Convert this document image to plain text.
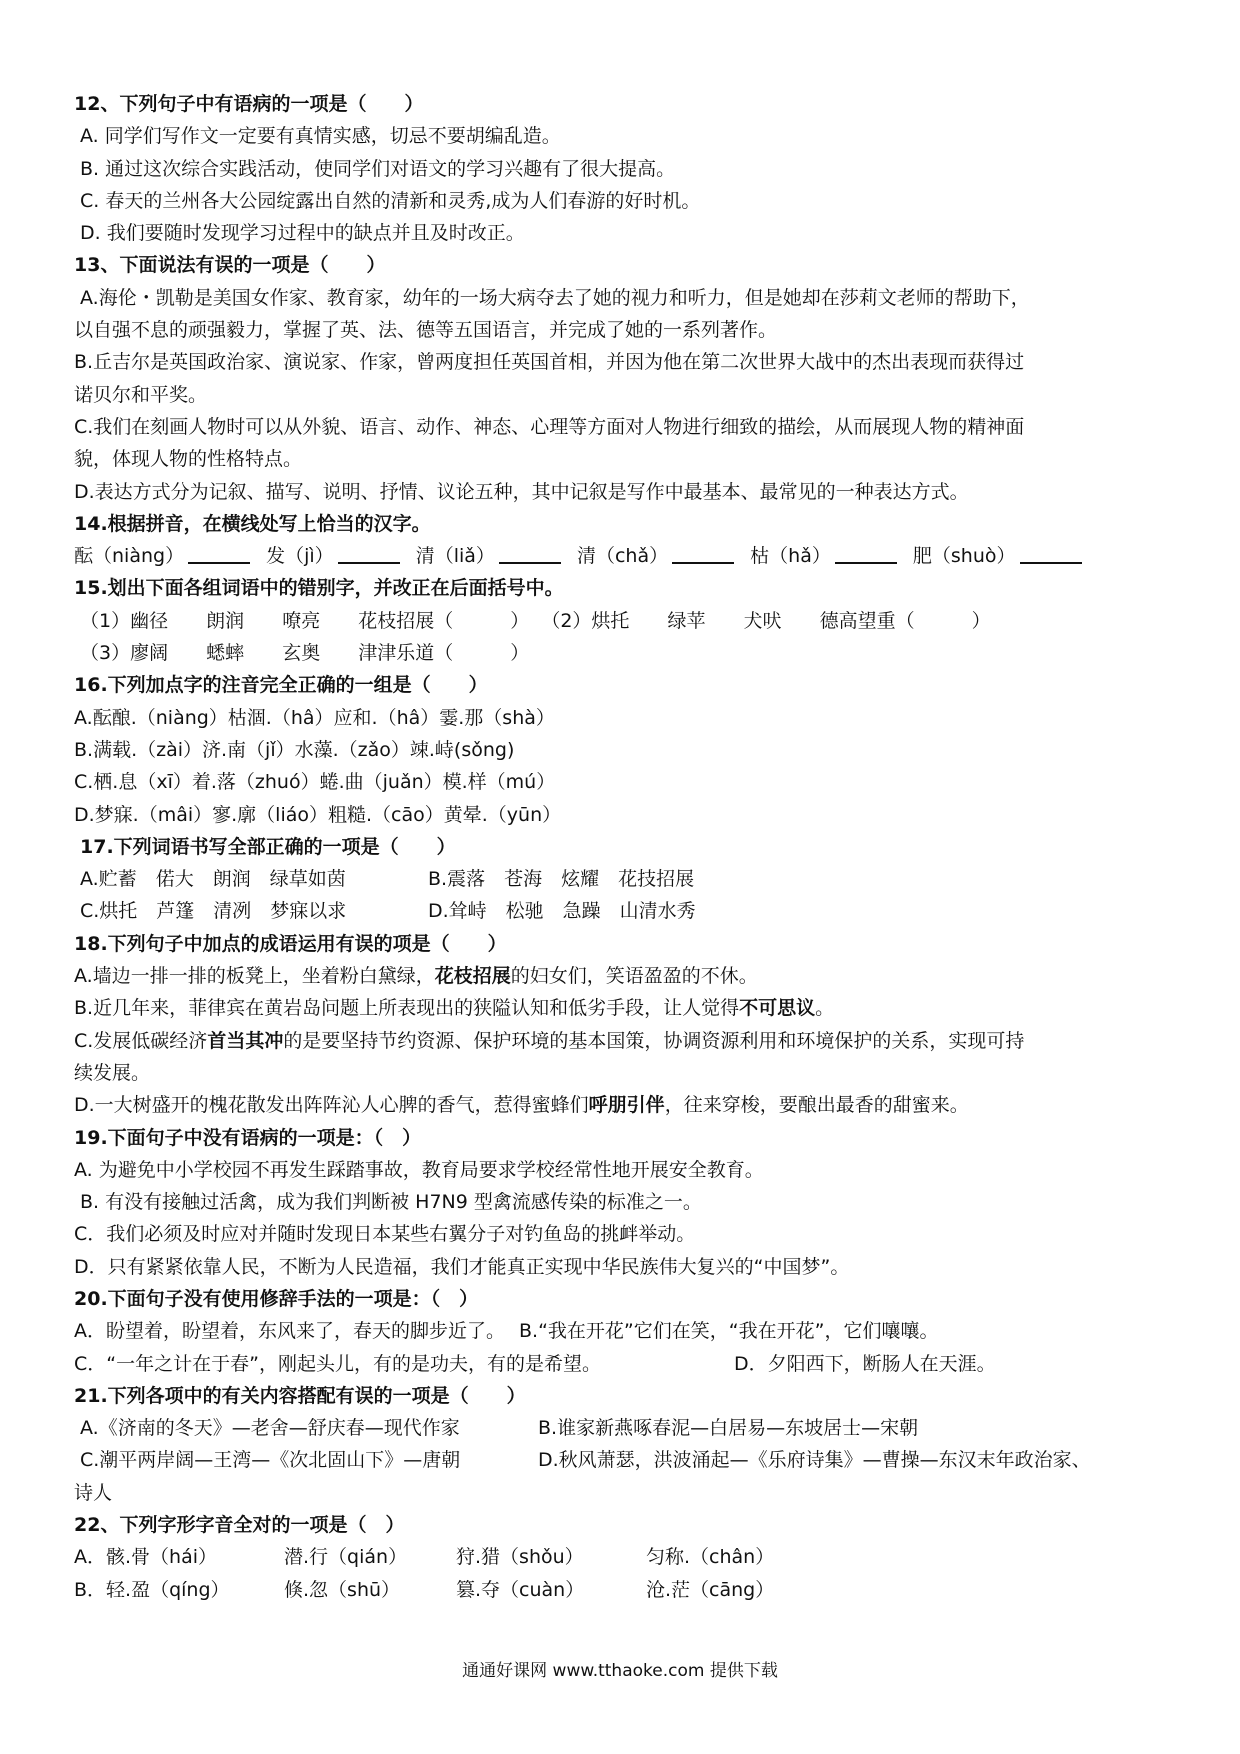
12、下列句子中有语病的一项是（　　）
A. 同学们写作文一定要有真情实感，切忌不要胡编乱造。
B. 通过这次综合实践活动，使同学们对语文的学习兴趣有了很大提高。
C. 春天的兰州各大公园绽露出自然的清新和灵秀,成为人们春游的好时机。
D. 我们要随时发现学习过程中的缺点并且及时改正。
13、下面说法有误的一项是（　　）
A.海伦・凯勒是美国女作家、教育家，幼年的一场大病夺去了她的视力和听力，但是她却在莎莉文老师的帮助下，
以自强不息的顽强毅力，掌握了英、法、德等五国语言，并完成了她的一系列著作。
B.丘吉尔是英国政治家、演说家、作家，曾两度担任英国首相，并因为他在第二次世界大战中的杰出表现而获得过
诺贝尔和平奖。
C.我们在刻画人物时可以从外貌、语言、动作、神态、心理等方面对人物进行细致的描绘，从而展现人物的精神面
貌，体现人物的性格特点。
D.表达方式分为记叙、描写、说明、抒情、议论五种，其中记叙是写作中最基本、最常见的一种表达方式。
14.根据拼音，在横线处写上恰当的汉字。
酝（niàng）	发（jì）	清（liǎ）	清（chǎ）	枯（hǎ）	肥（shuò）
15.划出下面各组词语中的错别字，并改正在后面括号中。
（1）幽径 朗润 嘹亮 花枝招展（　　　） （2）烘托 绿苹 犬吠 德高望重（　　　）
（3）廖阔 蟋蟀 玄奥 津津乐道（　　　）
16.下列加点字的注音完全正确的一组是（　　）
A.酝酿.（niàng）枯涸.（hâ）应和.（hâ）霎.那（shà）
B.满载.（zài）济.南（jǐ）水藻.（zǎo）竦.峙(sǒng)
C.栖.息（xī）着.落（zhuó）蜷.曲（juǎn）模.样（mú）
D.梦寐.（mâi）寥.廓（liáo）粗糙.（cāo）黄晕.（yūn）
17.下列词语书写全部正确的一项是（　　）
A.贮蓄　偌大　朗润　绿草如茵	B.震落　苍海　炫耀　花技招展
C.烘托　芦篷　清冽　梦寐以求	D.耸峙　松驰　急躁　山清水秀
18.下列句子中加点的成语运用有误的项是（　　）
A.墙边一排一排的板凳上，坐着粉白黛绿，花枝招展的妇女们，笑语盈盈的不休。
B.近几年来，菲律宾在黄岩岛问题上所表现出的狭隘认知和低劣手段，让人觉得不可思议。
C.发展低碳经济首当其冲的是要坚持节约资源、保护环境的基本国策，协调资源利用和环境保护的关系，实现可持
续发展。
D.一大树盛开的槐花散发出阵阵沁人心脾的香气，惹得蜜蜂们呼朋引伴，往来穿梭，要酿出最香的甜蜜来。
19.下面句子中没有语病的一项是：（　）
A. 为避免中小学校园不再发生踩踏事故，教育局要求学校经常性地开展安全教育。
B. 有没有接触过活禽，成为我们判断被 H7N9 型禽流感传染的标准之一。
C．我们必须及时应对并随时发现日本某些右翼分子对钓鱼岛的挑衅举动。
D．只有紧紧依靠人民，不断为人民造福，我们才能真正实现中华民族伟大复兴的“中国梦”。
20.下面句子没有使用修辞手法的一项是：（　）
A．盼望着，盼望着，东风来了，春天的脚步近了。 B.“我在开花”它们在笑，“我在开花”，它们嚷嚷。
C．“一年之计在于春”，刚起头儿，有的是功夫，有的是希望。	D．夕阳西下，断肠人在天涯。
21.下列各项中的有关内容搭配有误的一项是（　　）
A.《济南的冬天》—老舍—舒庆春—现代作家	B.谁家新燕啄春泥—白居易—东坡居士—宋朝
C.潮平两岸阔—王湾—《次北固山下》—唐朝	D.秋风萧瑟，洪波涌起—《乐府诗集》—曹操—东汉末年政治家、
诗人
22、下列字形字音全对的一项是（　）
A．骸.骨（hái）	潜.行（qián）	狩.猎（shǒu）	匀称.（chân）
B．轻.盈（qíng）	倏.忽（shū）	篡.夺（cuàn）	沧.茫（cāng）
通通好课网 www.tthaoke.com 提供下载
